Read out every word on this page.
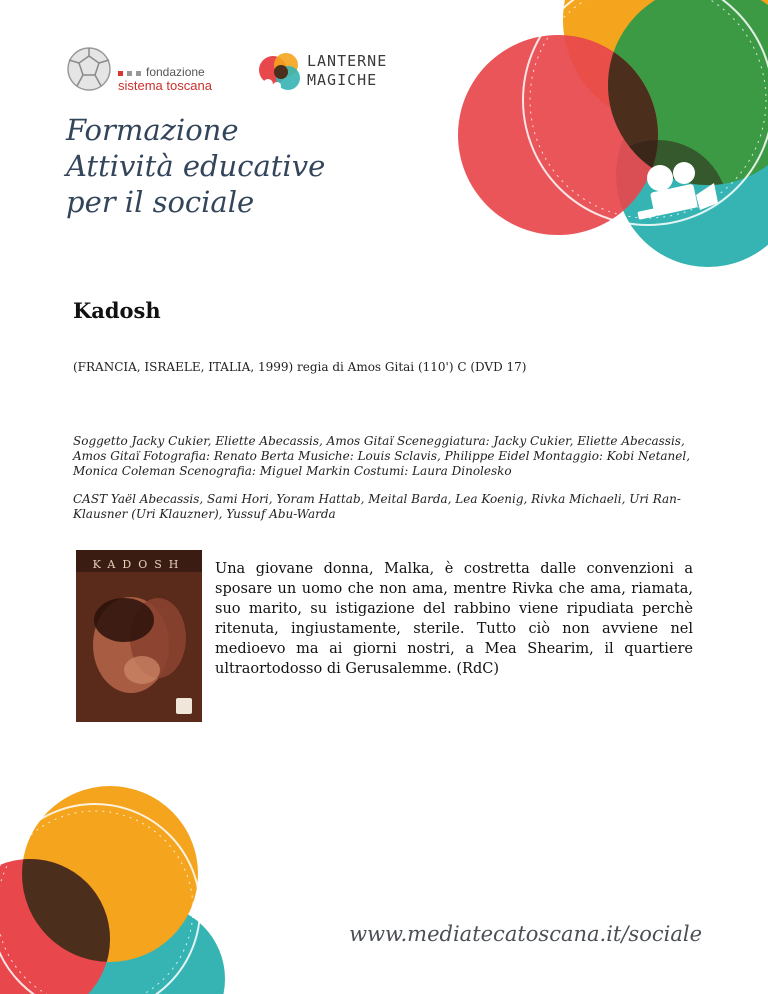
fondazione
sistema toscana
LANTERNE
MAGICHE
Formazione
Attività educative
per il sociale
Kadosh
(FRANCIA, ISRAELE, ITALIA, 1999) regia di Amos Gitai (110') C (DVD 17)
Soggetto Jacky Cukier, Eliette Abecassis, Amos Gitaï Sceneggiatura: Jacky Cukier, Eliette Abecassis, Amos Gitaï Fotografia: Renato Berta Musiche: Louis Sclavis, Philippe Eidel Montaggio: Kobi Netanel, Monica Coleman Scenografia: Miguel Markin Costumi: Laura Dinolesko
CAST Yaël Abecassis, Sami Hori, Yoram Hattab, Meital Barda, Lea Koenig, Rivka Michaeli, Uri Ran-Klausner (Uri Klauzner), Yussuf Abu-Warda
KADOSH	Una giovane donna, Malka, è costretta dalle convenzioni a sposare un uomo che non ama, mentre Rivka che ama, riamata, suo marito, su istigazione del rabbino viene ripudiata perchè ritenuta, ingiustamente, sterile. Tutto ciò non avviene nel medioevo ma ai giorni nostri, a Mea Shearim, il quartiere ultraortodosso di Gerusalemme. (RdC)
www.mediatecatoscana.it/sociale
